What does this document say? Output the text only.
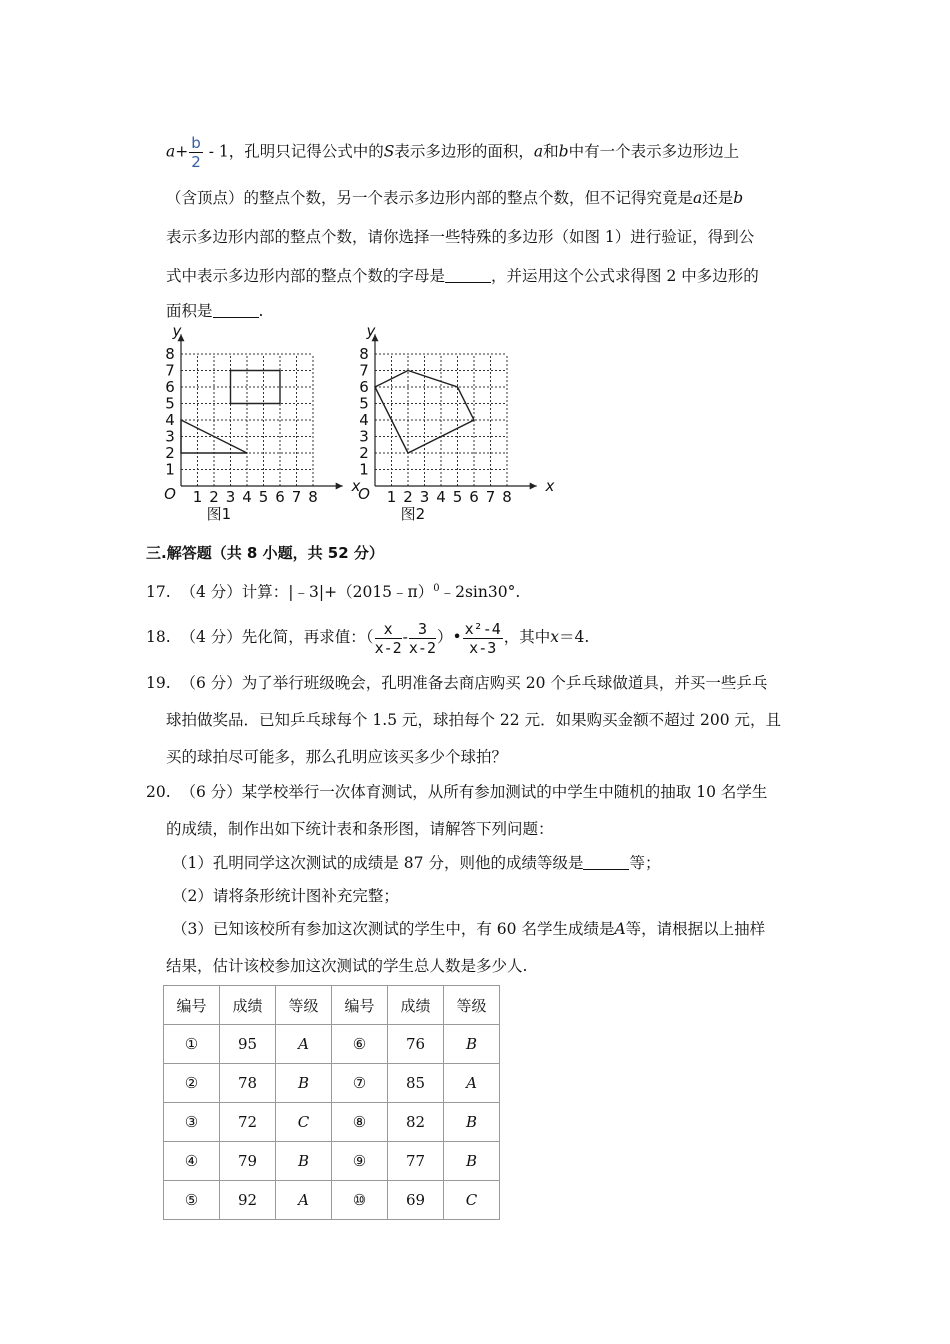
$a+ \frac{b}{2} - 1$，孔明只记得公式中的S表示多边形的面积，a和b中有一个表示多边形边上
（含顶点）的整点个数，另一个表示多边形内部的整点个数，但不记得究竟是a还是b
表示多边形内部的整点个数，请你选择一些特殊的多边形（如图 1）进行验证，得到公
式中表示多边形内部的整点个数的字母是	，并运用这个公式求得图 2 中多边形的
面积是	.
y
x
O
1
2
3
4
5
6
7
8
1 2 3 4 5 6 7 8
图1
y
x
O
1
2
3
4
5
6
7
8
1 2 3 4 5 6 7 8
图2
三.解答题（共 8 小题，共 52 分）
17. （4 分）计算：|﹣3|+（2015﹣π）$^0$﹣2sin30°.
18. （4 分）先化简，再求值：（ $\frac{x}{x-2} - \frac{3}{x-2}$ ）• $\frac{\text{x²-4}}{x-3}$ ，其中x＝4.
19. （6 分）为了举行班级晚会，孔明准备去商店购买 20 个乒乓球做道具，并买一些乒乓
球拍做奖品．已知乒乓球每个 1.5 元，球拍每个 22 元．如果购买金额不超过 200 元，且
买的球拍尽可能多，那么孔明应该买多少个球拍？
20. （6 分）某学校举行一次体育测试，从所有参加测试的中学生中随机的抽取 10 名学生
的成绩，制作出如下统计表和条形图，请解答下列问题：
（1）孔明同学这次测试的成绩是 87 分，则他的成绩等级是	等；
（2）请将条形统计图补充完整；
（3）已知该校所有参加这次测试的学生中，有 60 名学生成绩是A等，请根据以上抽样
结果，估计该校参加这次测试的学生总人数是多少人.
编号	成绩	等级	编号	成绩	等级
①	95	A	⑥	76	B
②	78	B	⑦	85	A
③	72	C	⑧	82	B
④	79	B	⑨	77	B
⑤	92	A	⑩	69	C
